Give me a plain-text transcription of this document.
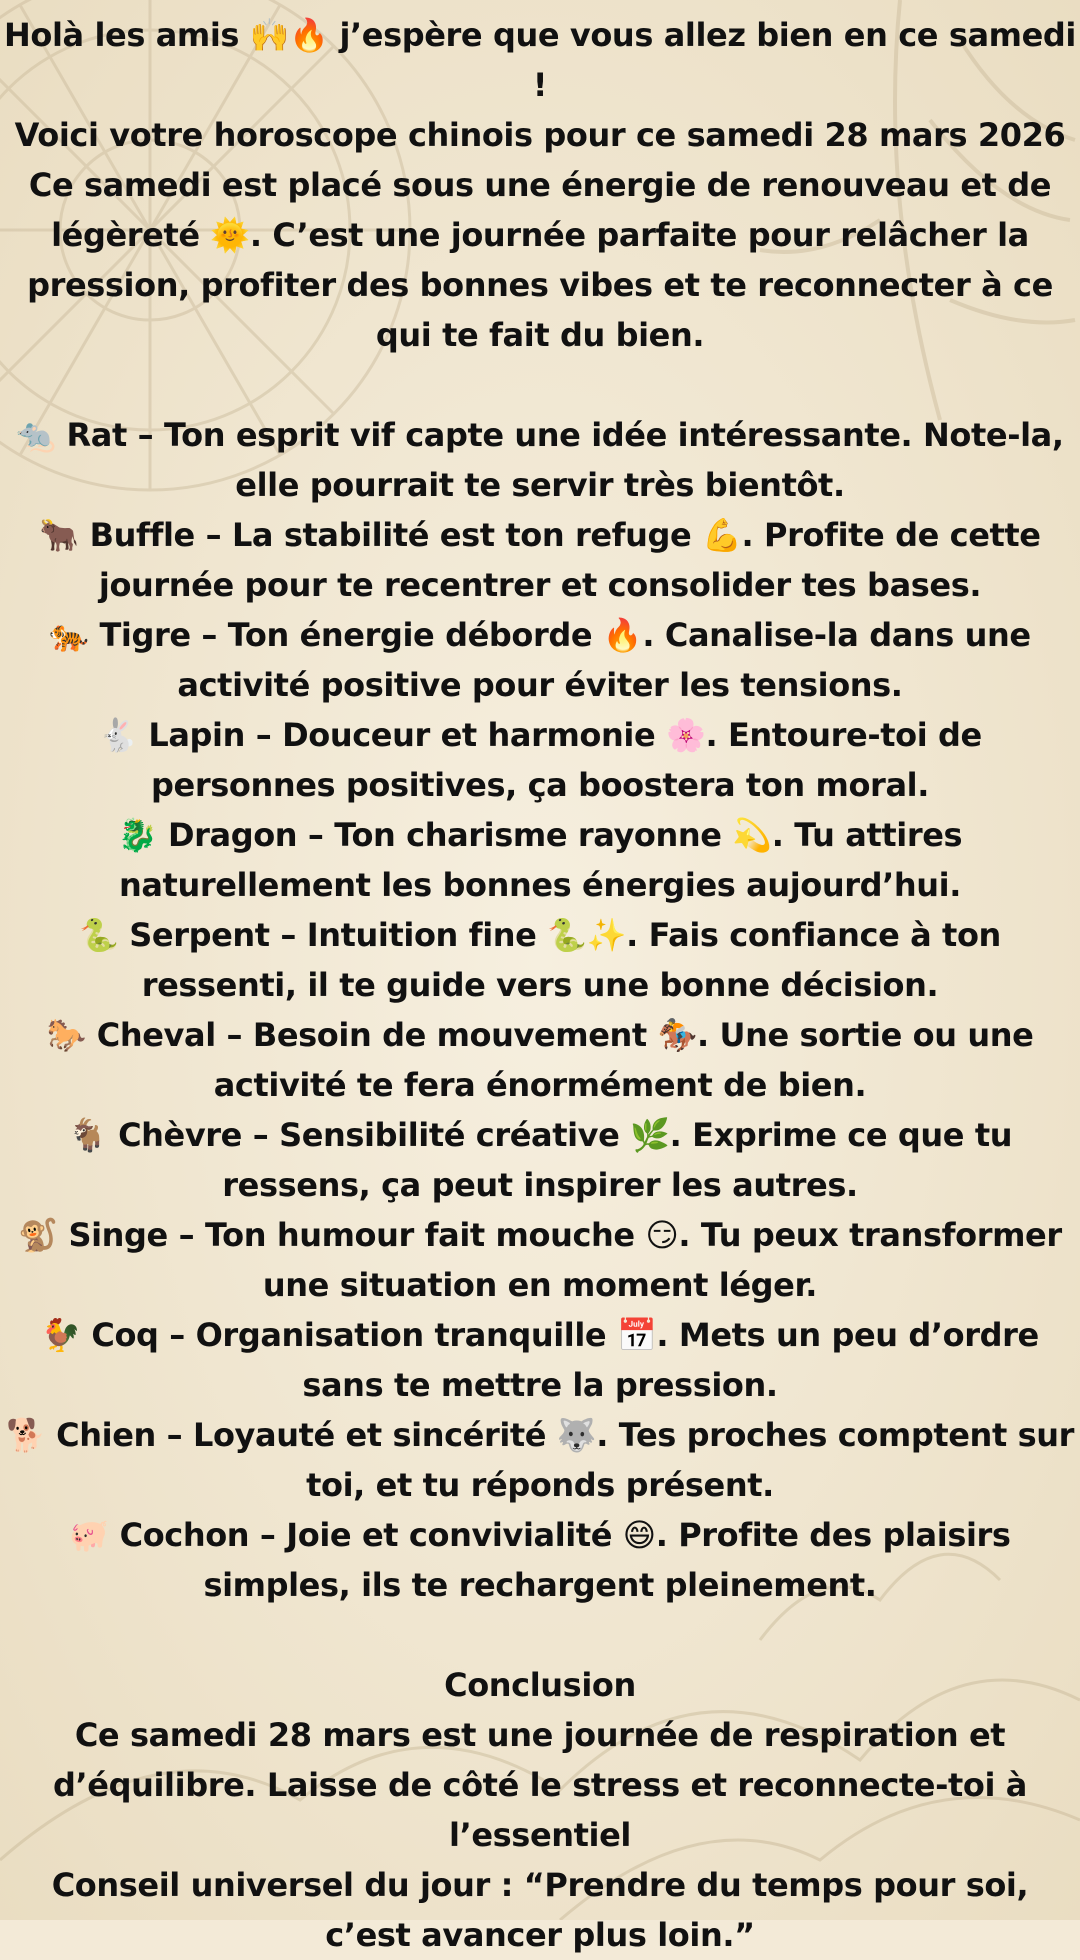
Holà les amis 🙌🔥 j’espère que vous allez bien en ce samedi !

Voici votre horoscope chinois pour ce samedi 28 mars 2026

Ce samedi est placé sous une énergie de renouveau et de légèreté 🌞. C’est une journée parfaite pour relâcher la pression, profiter des bonnes vibes et te reconnecter à ce qui te fait du bien.

🐀 Rat – Ton esprit vif capte une idée intéressante. Note-la, elle pourrait te servir très bientôt.

🐂 Buffle – La stabilité est ton refuge 💪. Profite de cette journée pour te recentrer et consolider tes bases.

🐅 Tigre – Ton énergie déborde 🔥. Canalise-la dans une activité positive pour éviter les tensions.

🐇 Lapin – Douceur et harmonie 🌸. Entoure-toi de personnes positives, ça boostera ton moral.

🐉 Dragon – Ton charisme rayonne 💫. Tu attires naturellement les bonnes énergies aujourd’hui.

🐍 Serpent – Intuition fine 🐍✨. Fais confiance à ton ressenti, il te guide vers une bonne décision.

🐎 Cheval – Besoin de mouvement 🏇. Une sortie ou une activité te fera énormément de bien.

🐐 Chèvre – Sensibilité créative 🌿. Exprime ce que tu ressens, ça peut inspirer les autres.

🐒 Singe – Ton humour fait mouche 😏. Tu peux transformer une situation en moment léger.

🐓 Coq – Organisation tranquille 📅. Mets un peu d’ordre sans te mettre la pression.

🐕 Chien – Loyauté et sincérité 🐺. Tes proches comptent sur toi, et tu réponds présent.

🐖 Cochon – Joie et convivialité 😄. Profite des plaisirs simples, ils te rechargent pleinement.

Conclusion

Ce samedi 28 mars est une journée de respiration et d’équilibre. Laisse de côté le stress et reconnecte-toi à l’essentiel

Conseil universel du jour : “Prendre du temps pour soi, c’est avancer plus loin.”
